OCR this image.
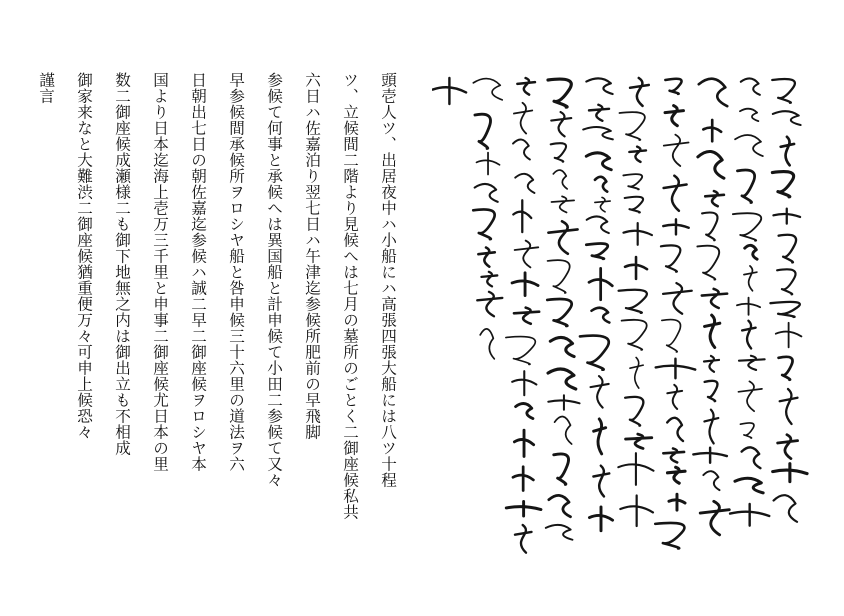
頭壱人ツ、出居夜中ハ小船にハ高張四張大船には八ツ十程
ツ、立候間二階より見候へは七月の墓所のごとく二御座候私共
六日ハ佐嘉泊り翌七日ハ午津迄参候所肥前の早飛脚
参候て何事と承候へは異国船と計申候て小田二参候て又々
早参候間承候所ヲロシヤ船と咎申候三十六里の道法ヲ六
日朝出七日の朝佐嘉迄参候ハ誠二早二御座候ヲロシヤ本
国より日本迄海上壱万三千里と申事二御座候尤日本の里
数二御座候成瀬様二も御下地無之内は御出立も不相成
御家来なと大難渋二御座候猶重便万々可申上候恐々
謹言
